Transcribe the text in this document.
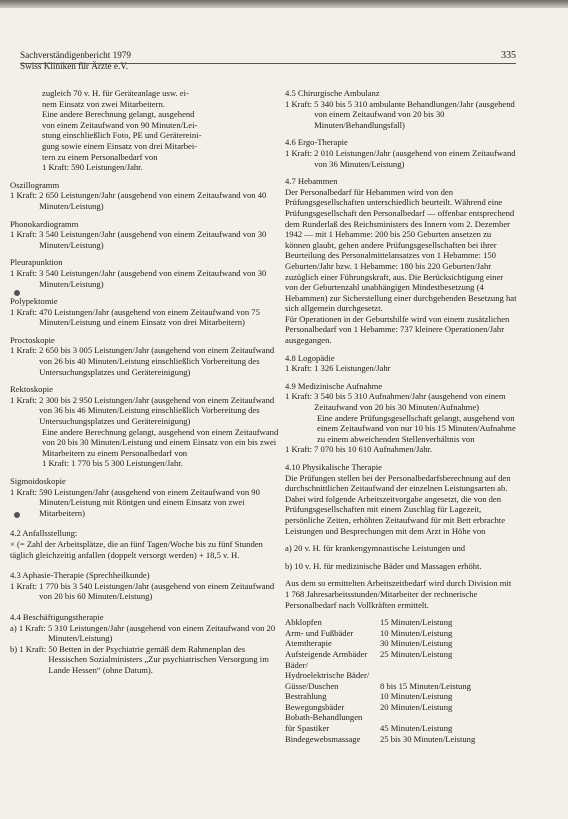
Sachverständigenbericht 1979
Swiss Kliniken für Ärzte e.V.
335
zugleich 70 v. H. für Geräteanlage usw. ei-
nem Einsatz von zwei Mitarbeitern.
Eine andere Berechnung gelangt, ausgehend
von einem Zeitaufwand von 90 Minuten/Lei-
stung einschließlich Foto, PE und Gerätereini-
gung sowie einem Einsatz von drei Mitarbei-
tern zu einem Personalbedarf von
1 Kraft: 590 Leistungen/Jahr.
Oszillogramm
1 Kraft: 2 650 Leistungen/Jahr (ausgehend von einem Zeitaufwand von 40 Minuten/Leistung)
Phonokardiogramm
1 Kraft: 3 540 Leistungen/Jahr (ausgehend von einem Zeitaufwand von 30 Minuten/Leistung)
Pleurapunktion
1 Kraft: 3 540 Leistungen/Jahr (ausgehend von einem Zeitaufwand von 30 Minuten/Leistung)
Polypektomie
1 Kraft: 470 Leistungen/Jahr (ausgehend von einem Zeitaufwand von 75 Minuten/Leistung und einem Einsatz von drei Mitarbeitern)
Proctoskopie
1 Kraft: 2 650 bis 3 005 Leistungen/Jahr (ausgehend von einem Zeitaufwand von 26 bis 40 Minuten/Leistung einschließlich Vorbereitung des Untersuchungsplatzes und Gerätereinigung)
Rektoskopie
1 Kraft: 2 300 bis 2 950 Leistungen/Jahr (ausgehend von einem Zeitaufwand von 36 bis 46 Minuten/Leistung einschließlich Vorbereitung des Untersuchungsplatzes und Gerätereinigung)
Eine andere Berechnung gelangt, ausgehend von einem Zeitaufwand von 20 bis 30 Minuten/Leistung und einem Einsatz von ein bis zwei Mitarbeitern zu einem Personalbedarf von
1 Kraft: 1 770 bis 5 300 Leistungen/Jahr.
Sigmoidoskopie
1 Kraft: 590 Leistungen/Jahr (ausgehend von einem Zeitaufwand von 90 Minuten/Leistung mit Röntgen und einem Einsatz von zwei Mitarbeitern)
4.2 Anfallsstellung:
× (= Zahl der Arbeitsplätze, die an fünf Tagen/Woche bis zu fünf Stunden täglich gleichzeitig anfallen (doppelt versorgt werden) + 18,5 v. H.
4.3 Aphasie-Therapie (Sprechheilkunde)
1 Kraft: 1 770 bis 3 540 Leistungen/Jahr (ausgehend von einem Zeitaufwand von 20 bis 60 Minuten/Leistung)
4.4 Beschäftigungstherapie
a) 1 Kraft: 5 310 Leistungen/Jahr (ausgehend von einem Zeitaufwand von 20 Minuten/Leistung)
b) 1 Kraft: 50 Betten in der Psychiatrie gemäß dem Rahmenplan des Hessischen Sozialministers „Zur psychiatrischen Versorgung im Lande Hessen“ (ohne Datum).
4.5 Chirurgische Ambulanz
1 Kraft: 5 340 bis 5 310 ambulante Behandlungen/Jahr (ausgehend von einem Zeitaufwand von 20 bis 30 Minuten/Behandlungsfall)
4.6 Ergo-Therapie
1 Kraft: 2 010 Leistungen/Jahr (ausgehend von einem Zeitaufwand von 36 Minuten/Leistung)
4.7 Hebammen
Der Personalbedarf für Hebammen wird von den Prüfungsgesellschaften unterschiedlich beurteilt. Während eine Prüfungsgesellschaft den Personalbedarf — offenbar entsprechend dem Runderlaß des Reichsministers des Innern vom 2. Dezember 1942 — mit 1 Hebamme: 200 bis 250 Geburten ansetzen zu können glaubt, gehen andere Prüfungsgesellschaften bei ihrer Beurteilung des Personalmittelansatzes von 1 Hebamme: 150 Geburten/Jahr bzw. 1 Hebamme: 180 bis 220 Geburten/Jahr zuzüglich einer Führungskraft, aus. Die Berücksichtigung einer von der Geburtenzahl unabhängigen Mindestbesetzung (4 Hebammen) zur Sicherstellung einer durchgehenden Besetzung hat sich allgemein durchgesetzt.
Für Operationen in der Geburtshilfe wird von einem zusätzlichen Personalbedarf von 1 Hebamme: 737 kleinere Operationen/Jahr ausgegangen.
4.8 Logopädie
1 Kraft: 1 326 Leistungen/Jahr
4.9 Medizinische Aufnahme
1 Kraft: 3 540 bis 5 310 Aufnahmen/Jahr (ausgehend von einem Zeitaufwand von 20 bis 30 Minuten/Aufnahme)
Eine andere Prüfungsgesellschaft gelangt, ausgehend von einem Zeitaufwand von nur 10 bis 15 Minuten/Aufnahme zu einem abweichenden Stellenverhältnis von
1 Kraft: 7 070 bis 10 610 Aufnahmen/Jahr.
4.10 Physikalische Therapie
Die Prüfungen stellen bei der Personalbedarfsberechnung auf den durchschnittlichen Zeitaufwand der einzelnen Leistungsarten ab. Dabei wird folgende Arbeitszeitvorgabe angesetzt, die von den Prüfungsgesellschaften mit einem Zuschlag für Lagezeit, persönliche Zeiten, erhöhten Zeitaufwand für mit Bett erbrachte Leistungen und Besprechungen mit dem Arzt in Höhe von
a) 20 v. H. für krankengymnastische Leistungen und
b) 10 v. H. für medizinische Bäder und Massagen erhöht.
Aus dem so ermittelten Arbeitszeitbedarf wird durch Division mit 1 768 Jahresarbeitsstunden/Mitarbeiter der rechnerische Personalbedarf nach Vollkräften ermittelt.
Abklopfen	15 Minuten/Leistung
Arm- und Fußbäder	10 Minuten/Leistung
Atemtherapie	30 Minuten/Leistung
Aufsteigende Armbäder	25 Minuten/Leistung
Bäder/
Hydroelektrische Bäder/
Güsse/Duschen	8 bis 15 Minuten/Leistung
Bestrahlung	10 Minuten/Leistung
Bewegungsbäder	20 Minuten/Leistung
Bobath-Behandlungen
für Spastiker	45 Minuten/Leistung
Bindegewebsmassage	25 bis 30 Minuten/Leistung
